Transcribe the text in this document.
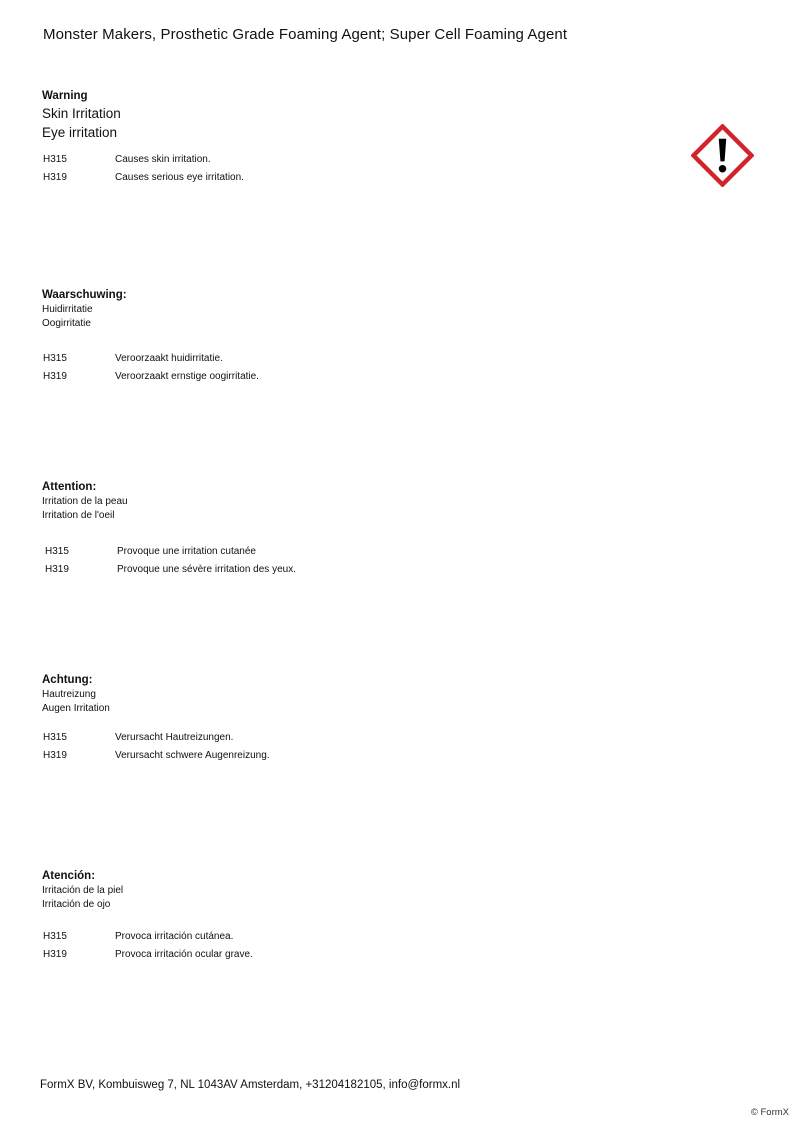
Monster Makers, Prosthetic Grade Foaming Agent; Super Cell Foaming Agent
Warning
Skin Irritation
Eye irritation
H315	Causes skin irritation.
H319	Causes serious eye irritation.
Waarschuwing:
Huidirritatie
Oogirritatie
H315	Veroorzaakt huidirritatie.
H319	Veroorzaakt ernstige oogirritatie.
Attention:
Irritation de la peau
Irritation de l'oeil
H315	Provoque une irritation cutanée
H319	Provoque une sévère irritation des yeux.
Achtung:
Hautreizung
Augen Irritation
H315	Verursacht Hautreizungen.
H319	Verursacht schwere Augenreizung.
Atención:
Irritación de la piel
Irritación de ojo
H315	Provoca irritación cutánea.
H319	Provoca irritación ocular grave.
FormX BV, Kombuisweg 7, NL 1043AV Amsterdam, +31204182105, info@formx.nl
© FormX
